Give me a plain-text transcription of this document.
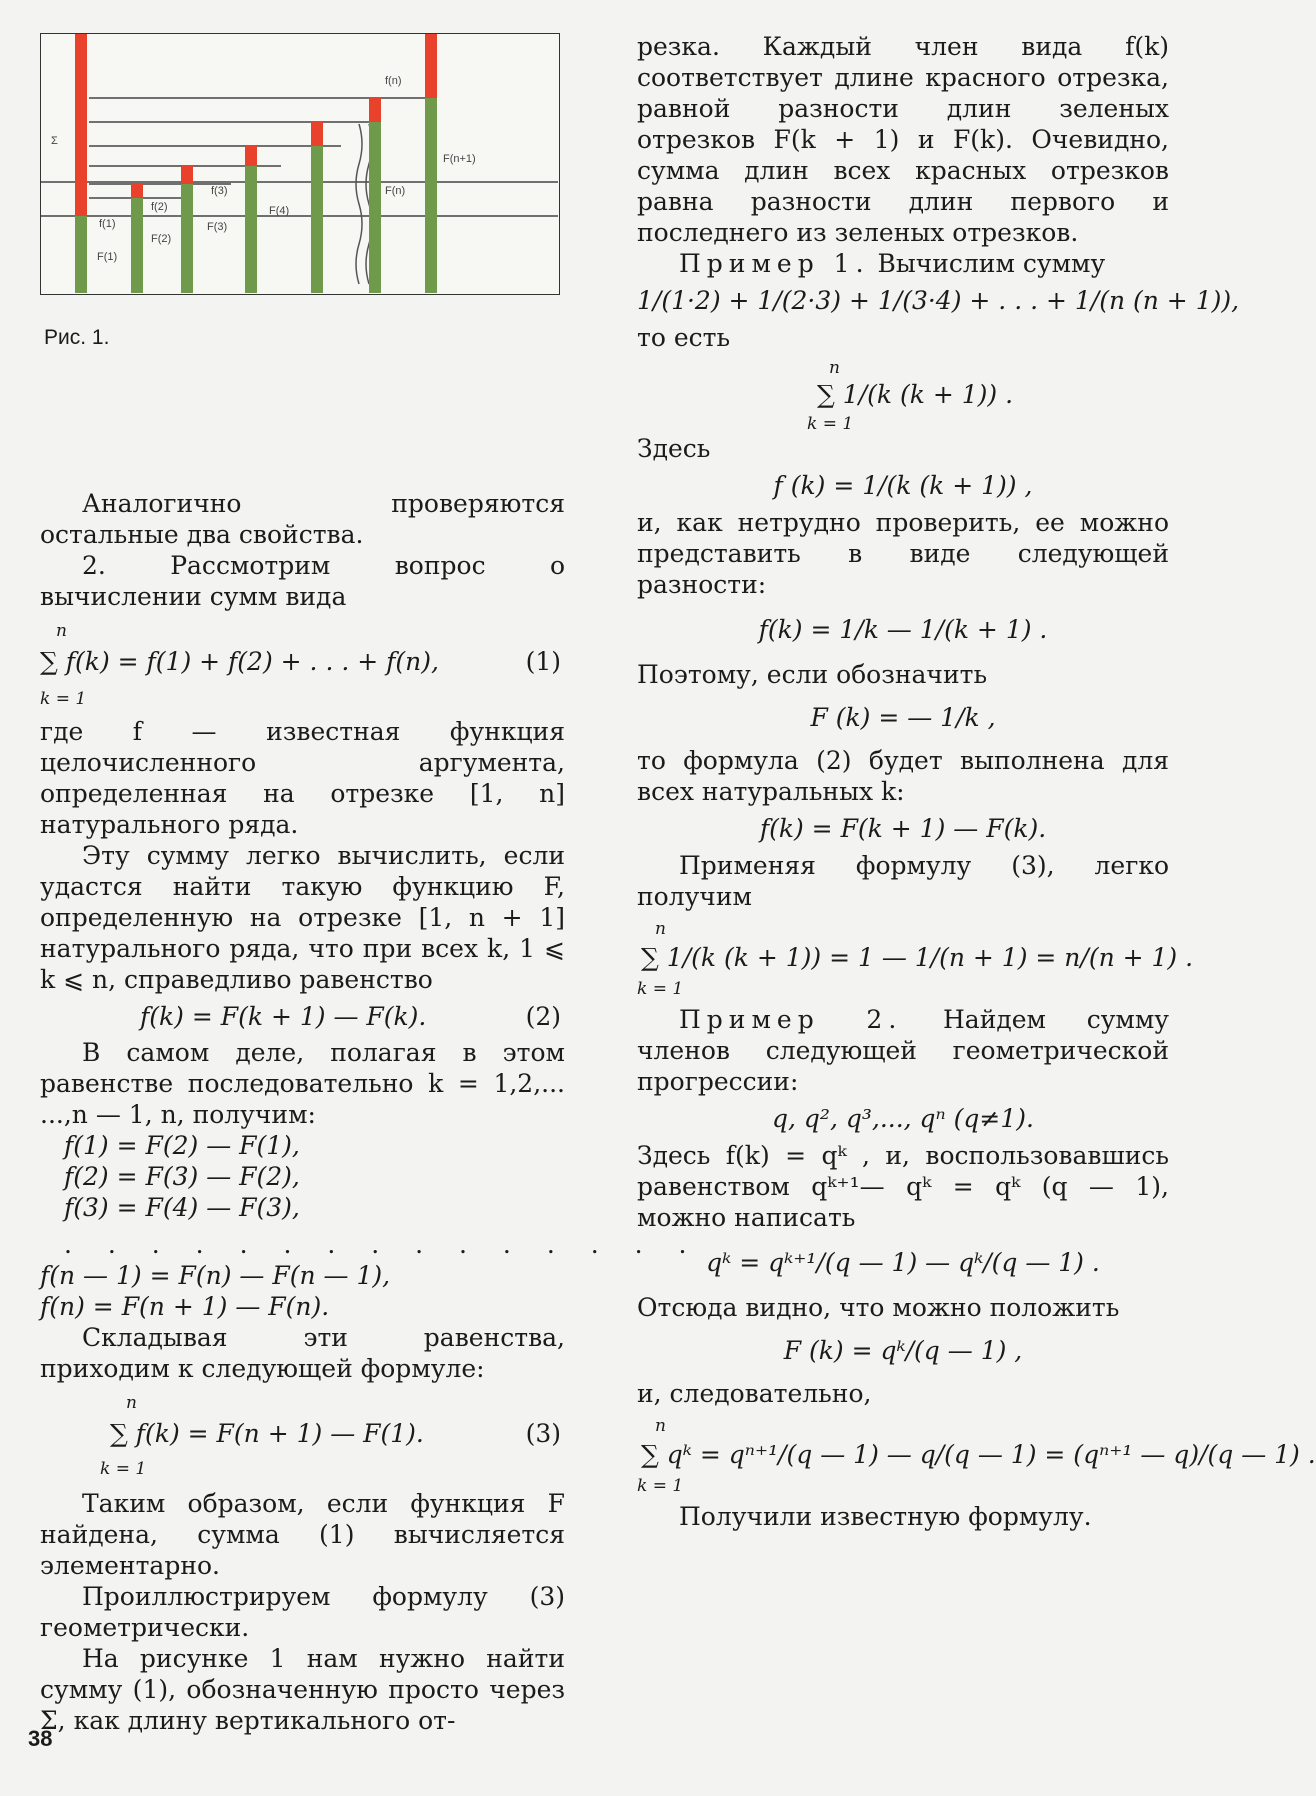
Σ
f(n)
F(n+1)
F(n)
f(3)
F(4)
f(2)
F(3)
f(1)
F(2)
F(1)
Рис. 1.

Аналогично проверяются остальные два свойства.

2. Рассмотрим вопрос о вычислении сумм вида

n
∑ f(k) = f(1) + f(2) + . . . + f(n),	(1)
k = 1

где f — известная функция целочисленного аргумента, определенная на отрезке [1, n] натурального ряда.

Эту сумму легко вычислить, если удастся найти такую функцию F, определенную на отрезке [1, n + 1] натурального ряда, что при всех k, 1 ⩽ k ⩽ n, справедливо равенство

f(k) = F(k + 1) — F(k).	(2)

В самом деле, полагая в этом равенстве последовательно k = 1,2,... ...,n — 1, n, получим:

f(1) = F(2) — F(1),
f(2) = F(3) — F(2),
f(3) = F(4) — F(3),
. . . . . . . . . . . . . . .
f(n — 1) = F(n) — F(n — 1),
f(n) = F(n + 1) — F(n).

Складывая эти равенства, приходим к следующей формуле:

n
∑ f(k) = F(n + 1) — F(1).	(3)
k = 1

Таким образом, если функция F найдена, сумма (1) вычисляется элементарно.

Проиллюстрируем формулу (3) геометрически.

На рисунке 1 нам нужно найти сумму (1), обозначенную просто через Σ, как длину вертикального от-

38

резка. Каждый член вида f(k) соответствует длине красного отрезка, равной разности длин зеленых отрезков F(k + 1) и F(k). Очевидно, сумма длин всех красных отрезков равна разности длин первого и последнего из зеленых отрезков.

Пример 1. Вычислим сумму

1/(1·2) + 1/(2·3) + 1/(3·4) + . . . + 1/(n (n + 1)),

то есть

n
∑ 1/(k (k + 1)) .
k = 1

Здесь

f (k) = 1/(k (k + 1)) ,

и, как нетрудно проверить, ее можно представить в виде следующей разности:

f(k) = 1/k — 1/(k + 1) .

Поэтому, если обозначить

F (k) = — 1/k ,

то формула (2) будет выполнена для всех натуральных k:

f(k) = F(k + 1) — F(k).

Применяя формулу (3), легко получим

n
∑ 1/(k (k + 1)) = 1 — 1/(n + 1) = n/(n + 1) .
k = 1

Пример 2. Найдем сумму членов следующей геометрической прогрессии:

q, q², q³,..., qⁿ (q≠1).

Здесь f(k) = qᵏ , и, воспользовавшись равенством qᵏ⁺¹— qᵏ = qᵏ (q — 1), можно написать

qᵏ = qᵏ⁺¹/(q — 1) — qᵏ/(q — 1) .

Отсюда видно, что можно положить

F (k) = qᵏ/(q — 1) ,

и, следовательно,

n
∑ qᵏ = qⁿ⁺¹/(q — 1) — q/(q — 1) = (qⁿ⁺¹ — q)/(q — 1) .
k = 1

Получили известную формулу.
